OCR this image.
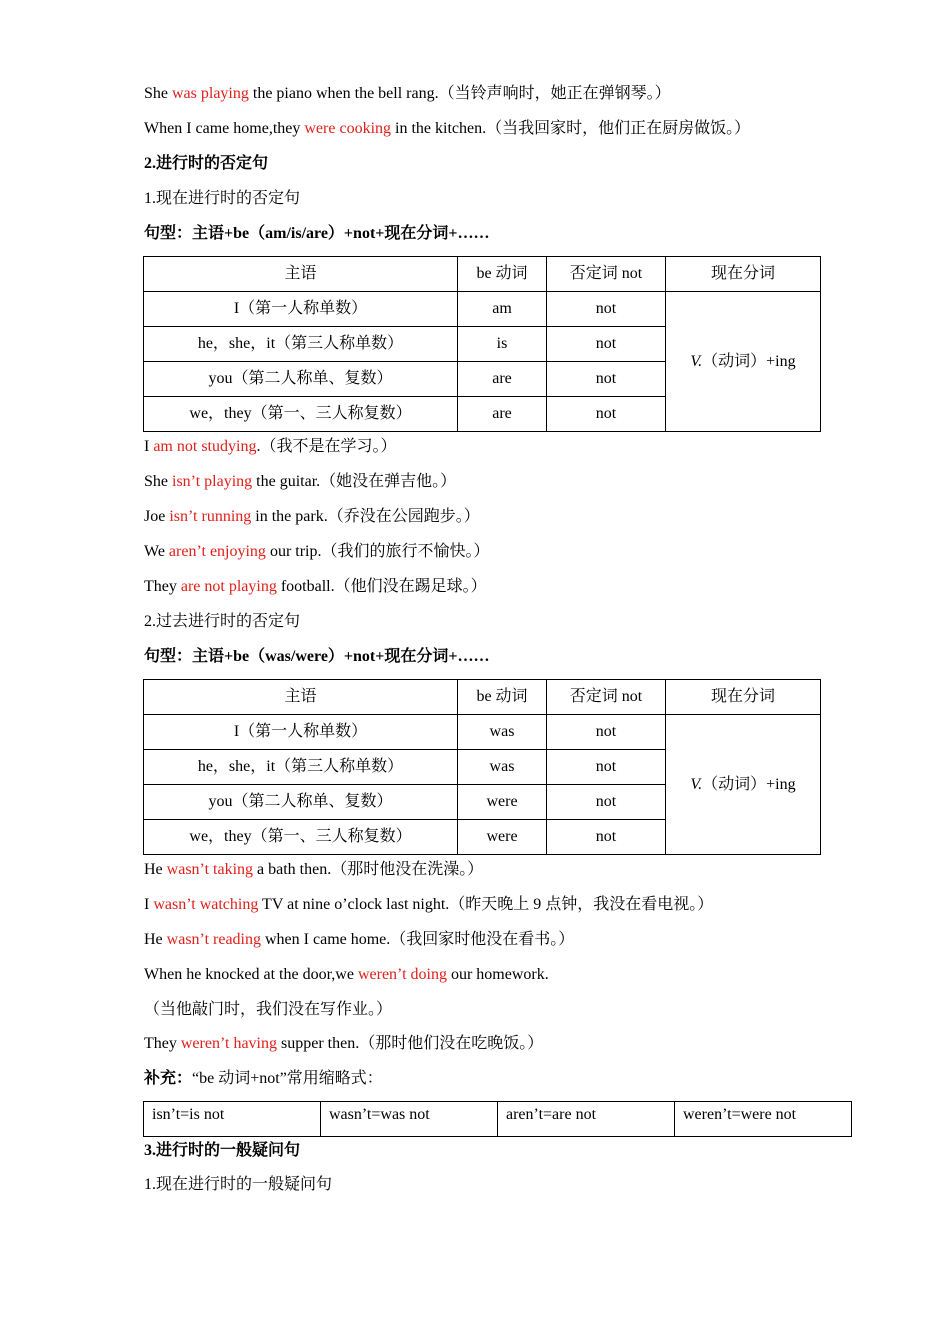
She was playing the piano when the bell rang.（当铃声响时，她正在弹钢琴。）
When I came home,they were cooking in the kitchen.（当我回家时，他们正在厨房做饭。）
2.进行时的否定句
1.现在进行时的否定句
句型：主语+be（am/is/are）+not+现在分词+……
主语	be 动词	否定词 not	现在分词
I（第一人称单数）	am	not	V.（动词）+ing
he，she，it（第三人称单数）	is	not	
you（第二人称单、复数）	are	not	
we，they（第一、三人称复数）	are	not	
I am not studying.（我不是在学习。）
She isn’t playing the guitar.（她没在弹吉他。）
Joe isn’t running in the park.（乔没在公园跑步。）
We aren’t enjoying our trip.（我们的旅行不愉快。）
They are not playing football.（他们没在踢足球。）
2.过去进行时的否定句
句型：主语+be（was/were）+not+现在分词+……
主语	be 动词	否定词 not	现在分词
I（第一人称单数）	was	not	V.（动词）+ing
he，she，it（第三人称单数）	was	not	
you（第二人称单、复数）	were	not	
we，they（第一、三人称复数）	were	not	
He wasn’t taking a bath then.（那时他没在洗澡。）
I wasn’t watching TV at nine o’clock last night.（昨天晚上 9 点钟，我没在看电视。）
He wasn’t reading when I came home.（我回家时他没在看书。）
When he knocked at the door,we weren’t doing our homework.
（当他敲门时，我们没在写作业。）
They weren’t having supper then.（那时他们没在吃晚饭。）
补充：“be 动词+not”常用缩略式：
isn’t=is not	wasn’t=was not	aren’t=are not	weren’t=were not
3.进行时的一般疑问句
1.现在进行时的一般疑问句
